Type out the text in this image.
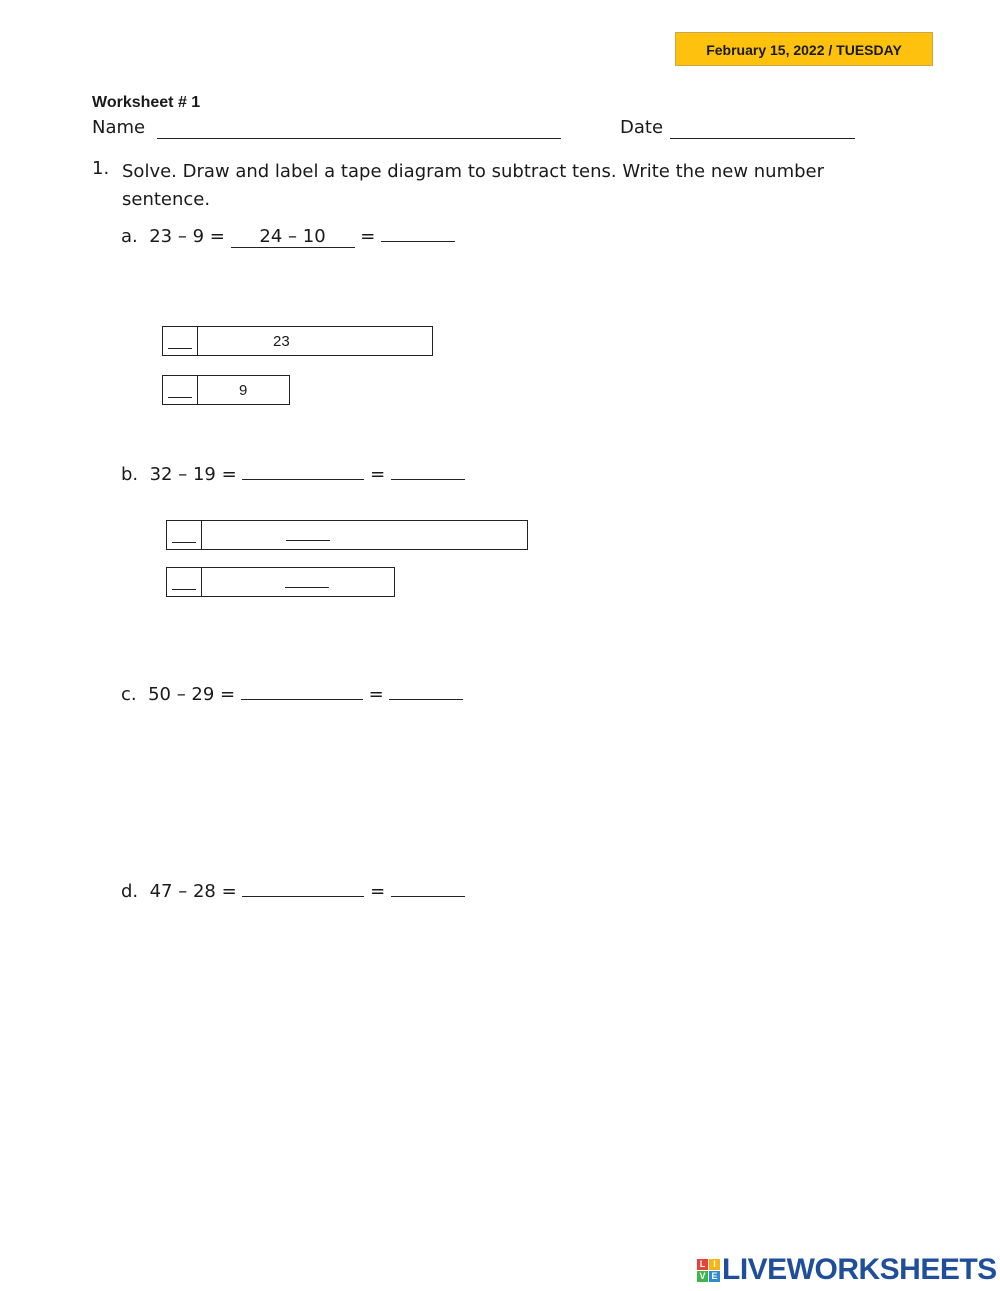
February 15, 2022 / TUESDAY
Worksheet # 1
Name	Date
1. Solve. Draw and label a tape diagram to subtract tens. Write the new number sentence.
a. 23 – 9 = 24 – 10 =
23
9
b. 32 – 19 =	=
c. 50 – 29 =	=
d. 47 – 28 =	=
L I
V E LIVEWORKSHEETS
